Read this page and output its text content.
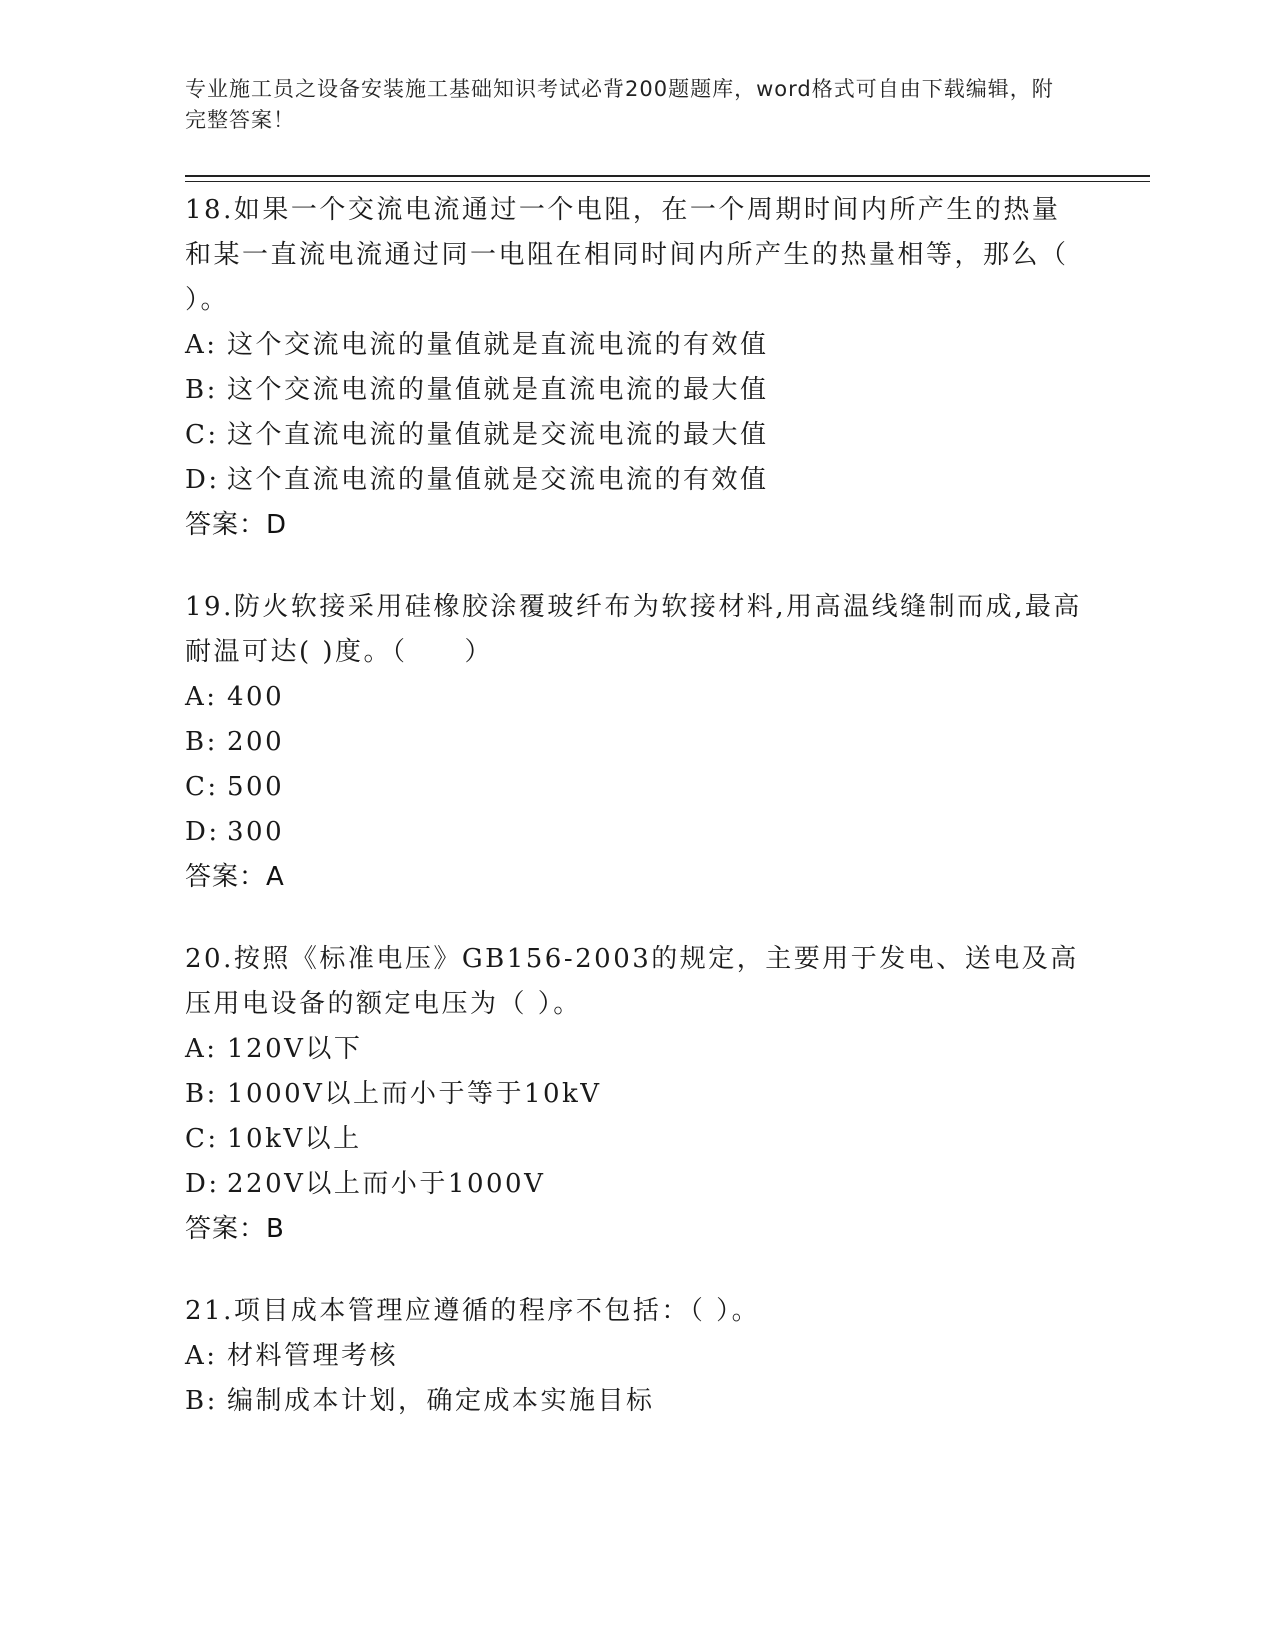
专业施工员之设备安装施工基础知识考试必背200题题库，word格式可自由下载编辑，附完整答案！

18.如果一个交流电流通过一个电阻，在一个周期时间内所产生的热量和某一直流电流通过同一电阻在相同时间内所产生的热量相等，那么（ ）。

A: 这个交流电流的量值就是直流电流的有效值

B: 这个交流电流的量值就是直流电流的最大值

C: 这个直流电流的量值就是交流电流的最大值

D: 这个直流电流的量值就是交流电流的有效值

答案：D

19.防火软接采用硅橡胶涂覆玻纤布为软接材料,用高温线缝制而成,最高耐温可达( )度。（　　）

A: 400

B: 200

C: 500

D: 300

答案：A

20.按照《标准电压》GB156-2003的规定，主要用于发电、送电及高压用电设备的额定电压为（ ）。

A: 120V以下

B: 1000V以上而小于等于10kV

C: 10kV以上

D: 220V以上而小于1000V

答案：B

21.项目成本管理应遵循的程序不包括：（ ）。

A: 材料管理考核

B: 编制成本计划，确定成本实施目标
